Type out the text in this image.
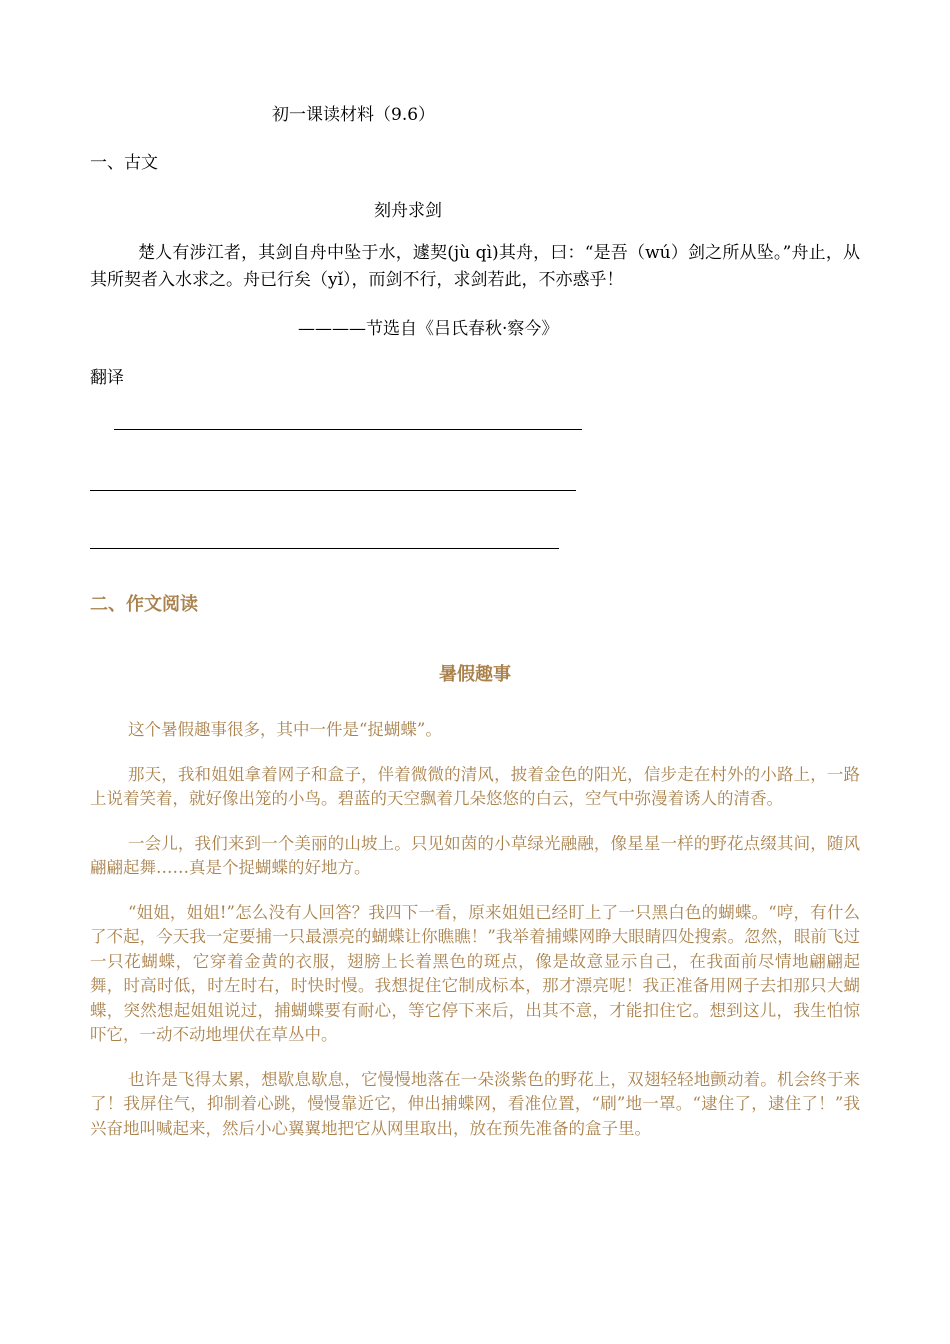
初一课读材料（9.6）
一、古文
刻舟求剑
楚人有涉江者，其剑自舟中坠于水，遽契(jù qì)其舟，曰：“是吾（wú）剑之所从坠。”舟止，从其所契者入水求之。舟已行矣（yǐ），而剑不行，求剑若此，不亦惑乎！
————节选自《吕氏春秋·察今》
翻译
二、作文阅读
暑假趣事

这个暑假趣事很多，其中一件是“捉蝴蝶”。

那天，我和姐姐拿着网子和盒子，伴着微微的清风，披着金色的阳光，信步走在村外的小路上，一路上说着笑着，就好像出笼的小鸟。碧蓝的天空飘着几朵悠悠的白云，空气中弥漫着诱人的清香。

一会儿，我们来到一个美丽的山坡上。只见如茵的小草绿光融融，像星星一样的野花点缀其间，随风翩翩起舞……真是个捉蝴蝶的好地方。

“姐姐，姐姐!”怎么没有人回答？我四下一看，原来姐姐已经盯上了一只黑白色的蝴蝶。“哼，有什么了不起，今天我一定要捕一只最漂亮的蝴蝶让你瞧瞧！”我举着捕蝶网睁大眼睛四处搜索。忽然，眼前飞过一只花蝴蝶，它穿着金黄的衣服，翅膀上长着黑色的斑点，像是故意显示自己，在我面前尽情地翩翩起舞，时高时低，时左时右，时快时慢。我想捉住它制成标本，那才漂亮呢！我正准备用网子去扣那只大蝴蝶，突然想起姐姐说过，捕蝴蝶要有耐心，等它停下来后，出其不意，才能扣住它。想到这儿，我生怕惊吓它，一动不动地埋伏在草丛中。

也许是飞得太累，想歇息歇息，它慢慢地落在一朵淡紫色的野花上，双翅轻轻地颤动着。机会终于来了！我屏住气，抑制着心跳，慢慢靠近它，伸出捕蝶网，看准位置，“刷”地一罩。“逮住了，逮住了！”我兴奋地叫喊起来，然后小心翼翼地把它从网里取出，放在预先准备的盒子里。
